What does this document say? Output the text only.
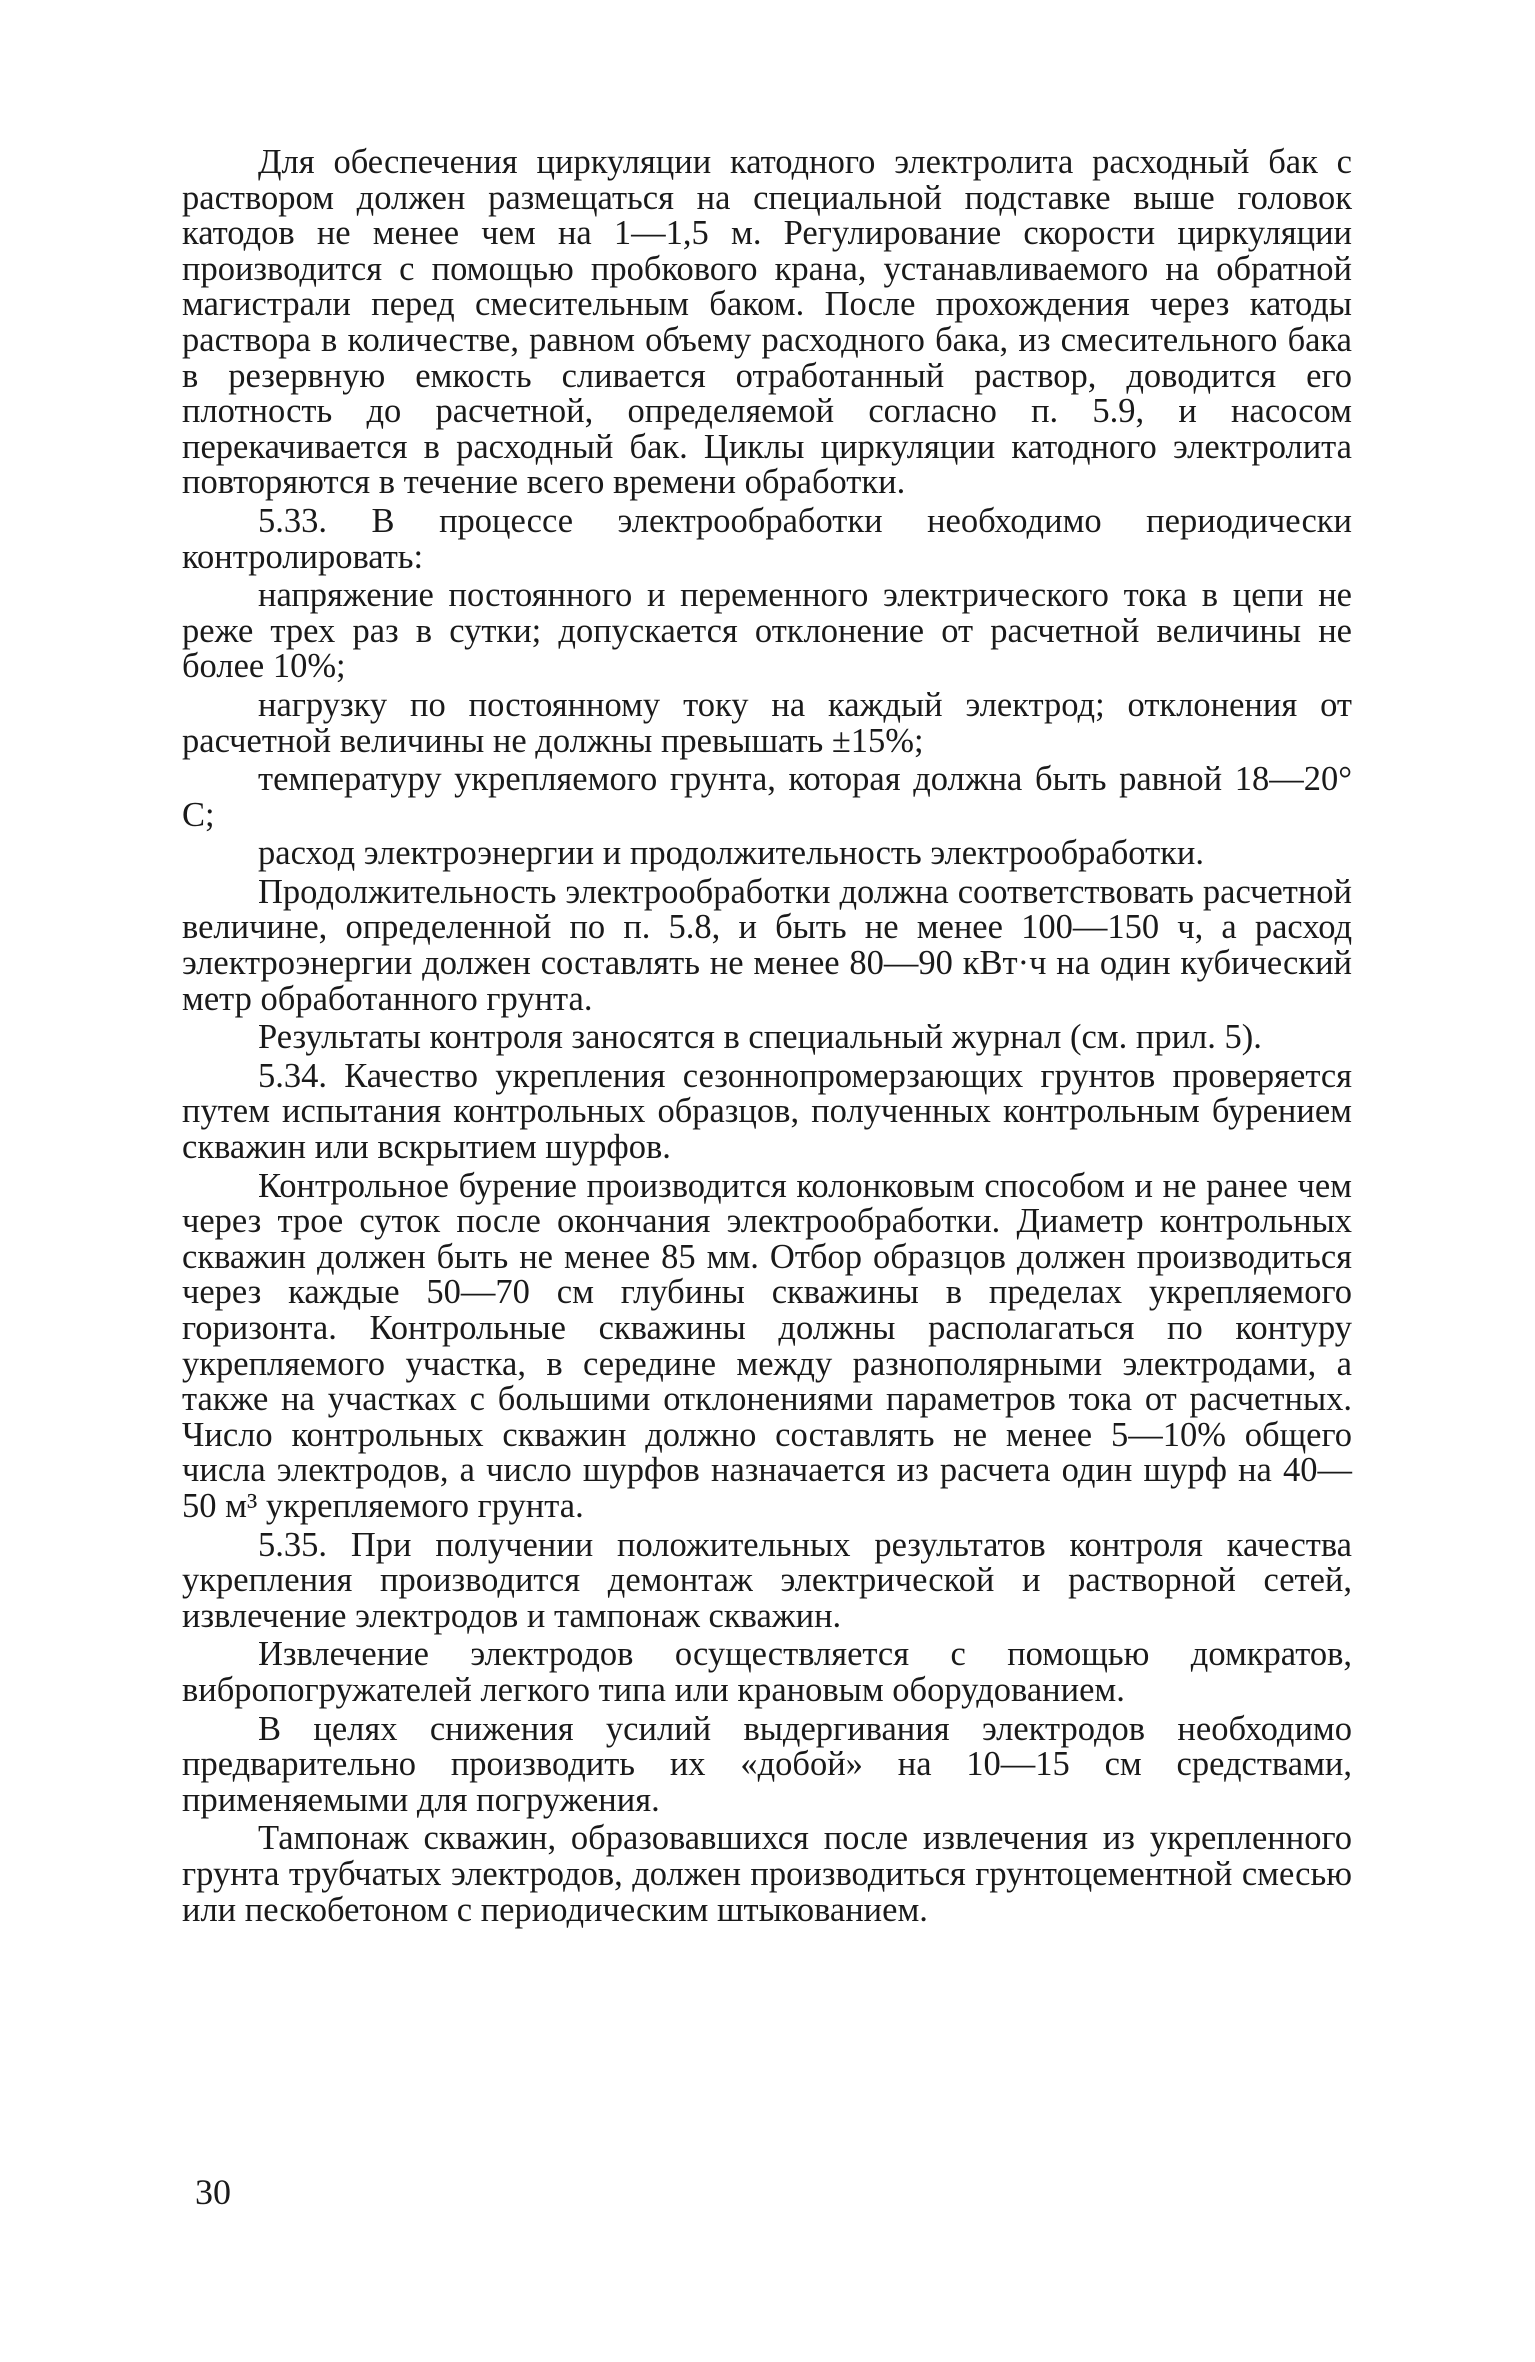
Для обеспечения циркуляции катодного электролита расходный бак с раствором должен размещаться на специальной подставке выше головок катодов не менее чем на 1—1,5 м. Регулирование скорости циркуляции производится с помощью пробкового крана, устанавливаемого на обратной магистрали перед смесительным баком. После прохождения через катоды раствора в количестве, равном объему расходного бака, из смесительного бака в резервную емкость сливается отработанный раствор, доводится его плотность до расчетной, определяемой согласно п. 5.9, и насосом перекачивается в расходный бак. Циклы циркуляции катодного электролита повторяются в течение всего времени обработки.

5.33. В процессе электрообработки необходимо периодически контролировать:

напряжение постоянного и переменного электрического тока в цепи не реже трех раз в сутки; допускается отклонение от расчетной величины не более 10%;

нагрузку по постоянному току на каждый электрод; отклонения от расчетной величины не должны превышать ±15%;

температуру укрепляемого грунта, которая должна быть равной 18—20° С;

расход электроэнергии и продолжительность электрообработки.

Продолжительность электрообработки должна соответствовать расчетной величине, определенной по п. 5.8, и быть не менее 100—150 ч, а расход электроэнергии должен составлять не менее 80—90 кВт·ч на один кубический метр обработанного грунта.

Результаты контроля заносятся в специальный журнал (см. прил. 5).

5.34. Качество укрепления сезоннопромерзающих грунтов проверяется путем испытания контрольных образцов, полученных контрольным бурением скважин или вскрытием шурфов.

Контрольное бурение производится колонковым способом и не ранее чем через трое суток после окончания электрообработки. Диаметр контрольных скважин должен быть не менее 85 мм. Отбор образцов должен производиться через каждые 50—70 см глубины скважины в пределах укрепляемого горизонта. Контрольные скважины должны располагаться по контуру укрепляемого участка, в середине между разнополярными электродами, а также на участках с большими отклонениями параметров тока от расчетных. Число контрольных скважин должно составлять не менее 5—10% общего числа электродов, а число шурфов назначается из расчета один шурф на 40—50 м³ укрепляемого грунта.

5.35. При получении положительных результатов контроля качества укрепления производится демонтаж электрической и растворной сетей, извлечение электродов и тампонаж скважин.

Извлечение электродов осуществляется с помощью домкратов, вибропогружателей легкого типа или крановым оборудованием.

В целях снижения усилий выдергивания электродов необходимо предварительно производить их «добой» на 10—15 см средствами, применяемыми для погружения.

Тампонаж скважин, образовавшихся после извлечения из укрепленного грунта трубчатых электродов, должен производиться грунтоцементной смесью или пескобетоном с периодическим штыкованием.

30
